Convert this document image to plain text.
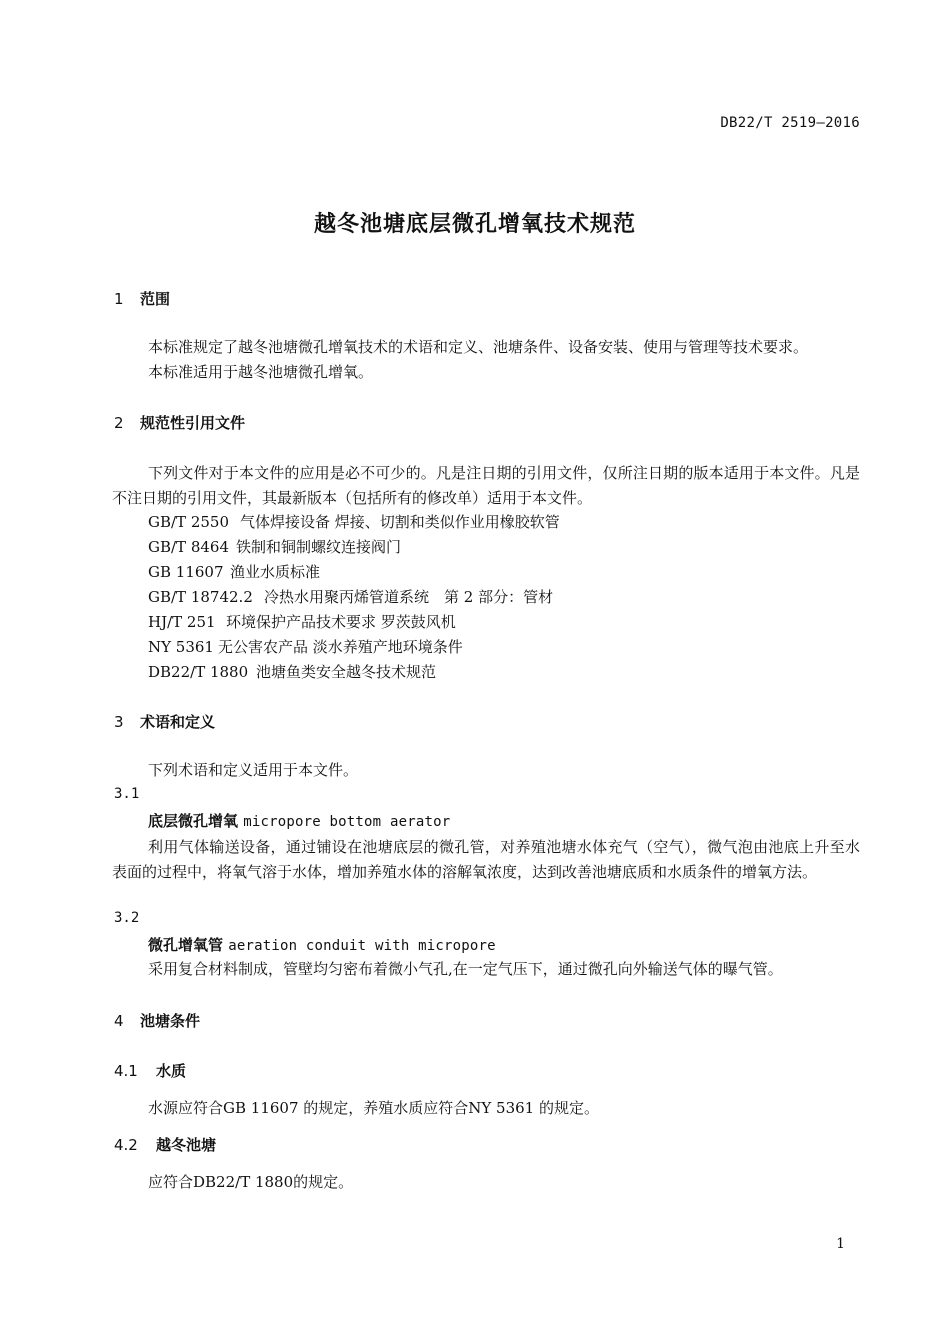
DB22/T 2519—2016
越冬池塘底层微孔增氧技术规范
1 范围
本标准规定了越冬池塘微孔增氧技术的术语和定义、池塘条件、设备安装、使用与管理等技术要求。
本标准适用于越冬池塘微孔增氧。
2 规范性引用文件
下列文件对于本文件的应用是必不可少的。凡是注日期的引用文件，仅所注日期的版本适用于本文件。凡是不注日期的引用文件，其最新版本（包括所有的修改单）适用于本文件。
GB/T 2550 气体焊接设备 焊接、切割和类似作业用橡胶软管
GB/T 8464 铁制和铜制螺纹连接阀门
GB 11607 渔业水质标准
GB/T 18742.2 冷热水用聚丙烯管道系统　第 2 部分：管材
HJ/T 251 环境保护产品技术要求 罗茨鼓风机
NY 5361 无公害农产品 淡水养殖产地环境条件
DB22/T 1880 池塘鱼类安全越冬技术规范
3 术语和定义
下列术语和定义适用于本文件。
3.1
底层微孔增氧 micropore bottom aerator
利用气体输送设备，通过铺设在池塘底层的微孔管，对养殖池塘水体充气（空气），微气泡由池底上升至水表面的过程中，将氧气溶于水体，增加养殖水体的溶解氧浓度，达到改善池塘底质和水质条件的增氧方法。
3.2
微孔增氧管 aeration conduit with micropore
采用复合材料制成，管壁均匀密布着微小气孔,在一定气压下，通过微孔向外输送气体的曝气管。
4 池塘条件
4.1 水质
水源应符合GB 11607 的规定，养殖水质应符合NY 5361 的规定。
4.2 越冬池塘
应符合DB22/T 1880的规定。
1
